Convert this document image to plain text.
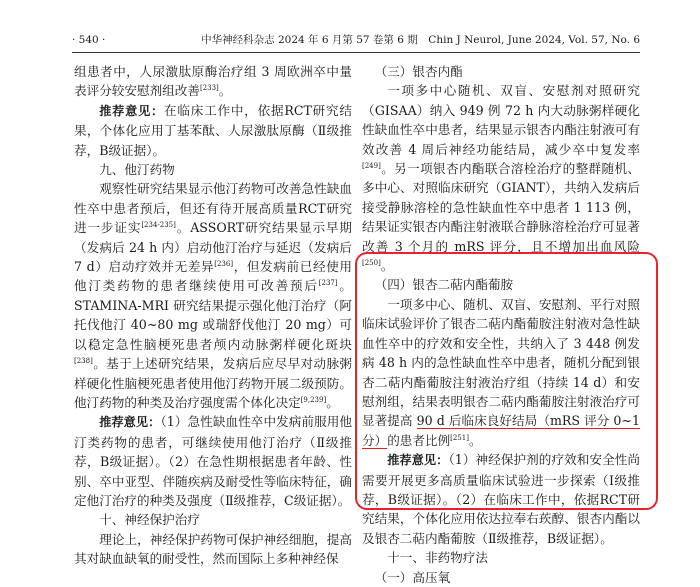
· 540 ·	中华神经科杂志 2024 年 6 月第 57 卷第 6 期　Chin J Neurol, June 2024, Vol. 57, No. 6

组患者中，人尿激肽原酶治疗组 3 周欧洲卒中量表评分较安慰剂组改善[233]。

推荐意见：在临床工作中，依据RCT研究结果，个体化应用丁基苯酞、人尿激肽原酶（Ⅱ级推荐，B级证据）。

九、他汀药物

观察性研究结果显示他汀药物可改善急性缺血性卒中患者预后，但还有待开展高质量RCT研究进一步证实[234-235]。ASSORT研究结果显示早期（发病后 24 h 内）启动他汀治疗与延迟（发病后 7 d）启动疗效并无差异[236]，但发病前已经使用他汀类药物的患者继续使用可改善预后[237]。STAMINA-MRI 研究结果提示强化他汀治疗（阿托伐他汀 40~80 mg 或瑞舒伐他汀 20 mg）可以稳定急性脑梗死患者颅内动脉粥样硬化斑块[238]。基于上述研究结果，发病后应尽早对动脉粥样硬化性脑梗死患者使用他汀药物开展二级预防。他汀药物的种类及治疗强度需个体化决定[9,239]。

推荐意见：（1）急性缺血性卒中发病前服用他汀类药物的患者，可继续使用他汀治疗（Ⅱ级推荐，B级证据）。（2）在急性期根据患者年龄、性别、卒中亚型、伴随疾病及耐受性等临床特征，确定他汀治疗的种类及强度（Ⅱ级推荐，C级证据）。

十、神经保护治疗

理论上，神经保护药物可保护神经细胞，提高其对缺血缺氧的耐受性，然而国际上多种神经保

（三）银杏内酯

一项多中心随机、双盲、安慰剂对照研究（GISAA）纳入 949 例 72 h 内大动脉粥样硬化性缺血性卒中患者，结果显示银杏内酯注射液可有效改善 4 周后神经功能结局，减少卒中复发率[249]。另一项银杏内酯联合溶栓治疗的整群随机、多中心、对照临床研究（GIANT），共纳入发病后接受静脉溶栓的急性缺血性卒中患者 1 113 例，结果证实银杏内酯注射液联合静脉溶栓治疗可显著改善 3 个月的 mRS 评分，且不增加出血风险[250]。

（四）银杏二萜内酯葡胺

一项多中心、随机、双盲、安慰剂、平行对照临床试验评价了银杏二萜内酯葡胺注射液对急性缺血性卒中的疗效和安全性，共纳入了 3 448 例发病 48 h 内的急性缺血性卒中患者，随机分配到银杏二萜内酯葡胺注射液治疗组（持续 14 d）和安慰剂组，结果表明银杏二萜内酯葡胺注射液治疗可显著提高 90 d 后临床良好结局（mRS 评分 0~1 分）的患者比例[251]。

推荐意见：（1）神经保护剂的疗效和安全性尚需要开展更多高质量临床试验进一步探索（Ⅰ级推荐，B级证据）。（2）在临床工作中，依据RCT研究结果，个体化应用依达拉奉右莰醇、银杏内酯以及银杏二萜内酯葡胺（Ⅱ级推荐，B级证据）。

十一、非药物疗法

（一）高压氧
